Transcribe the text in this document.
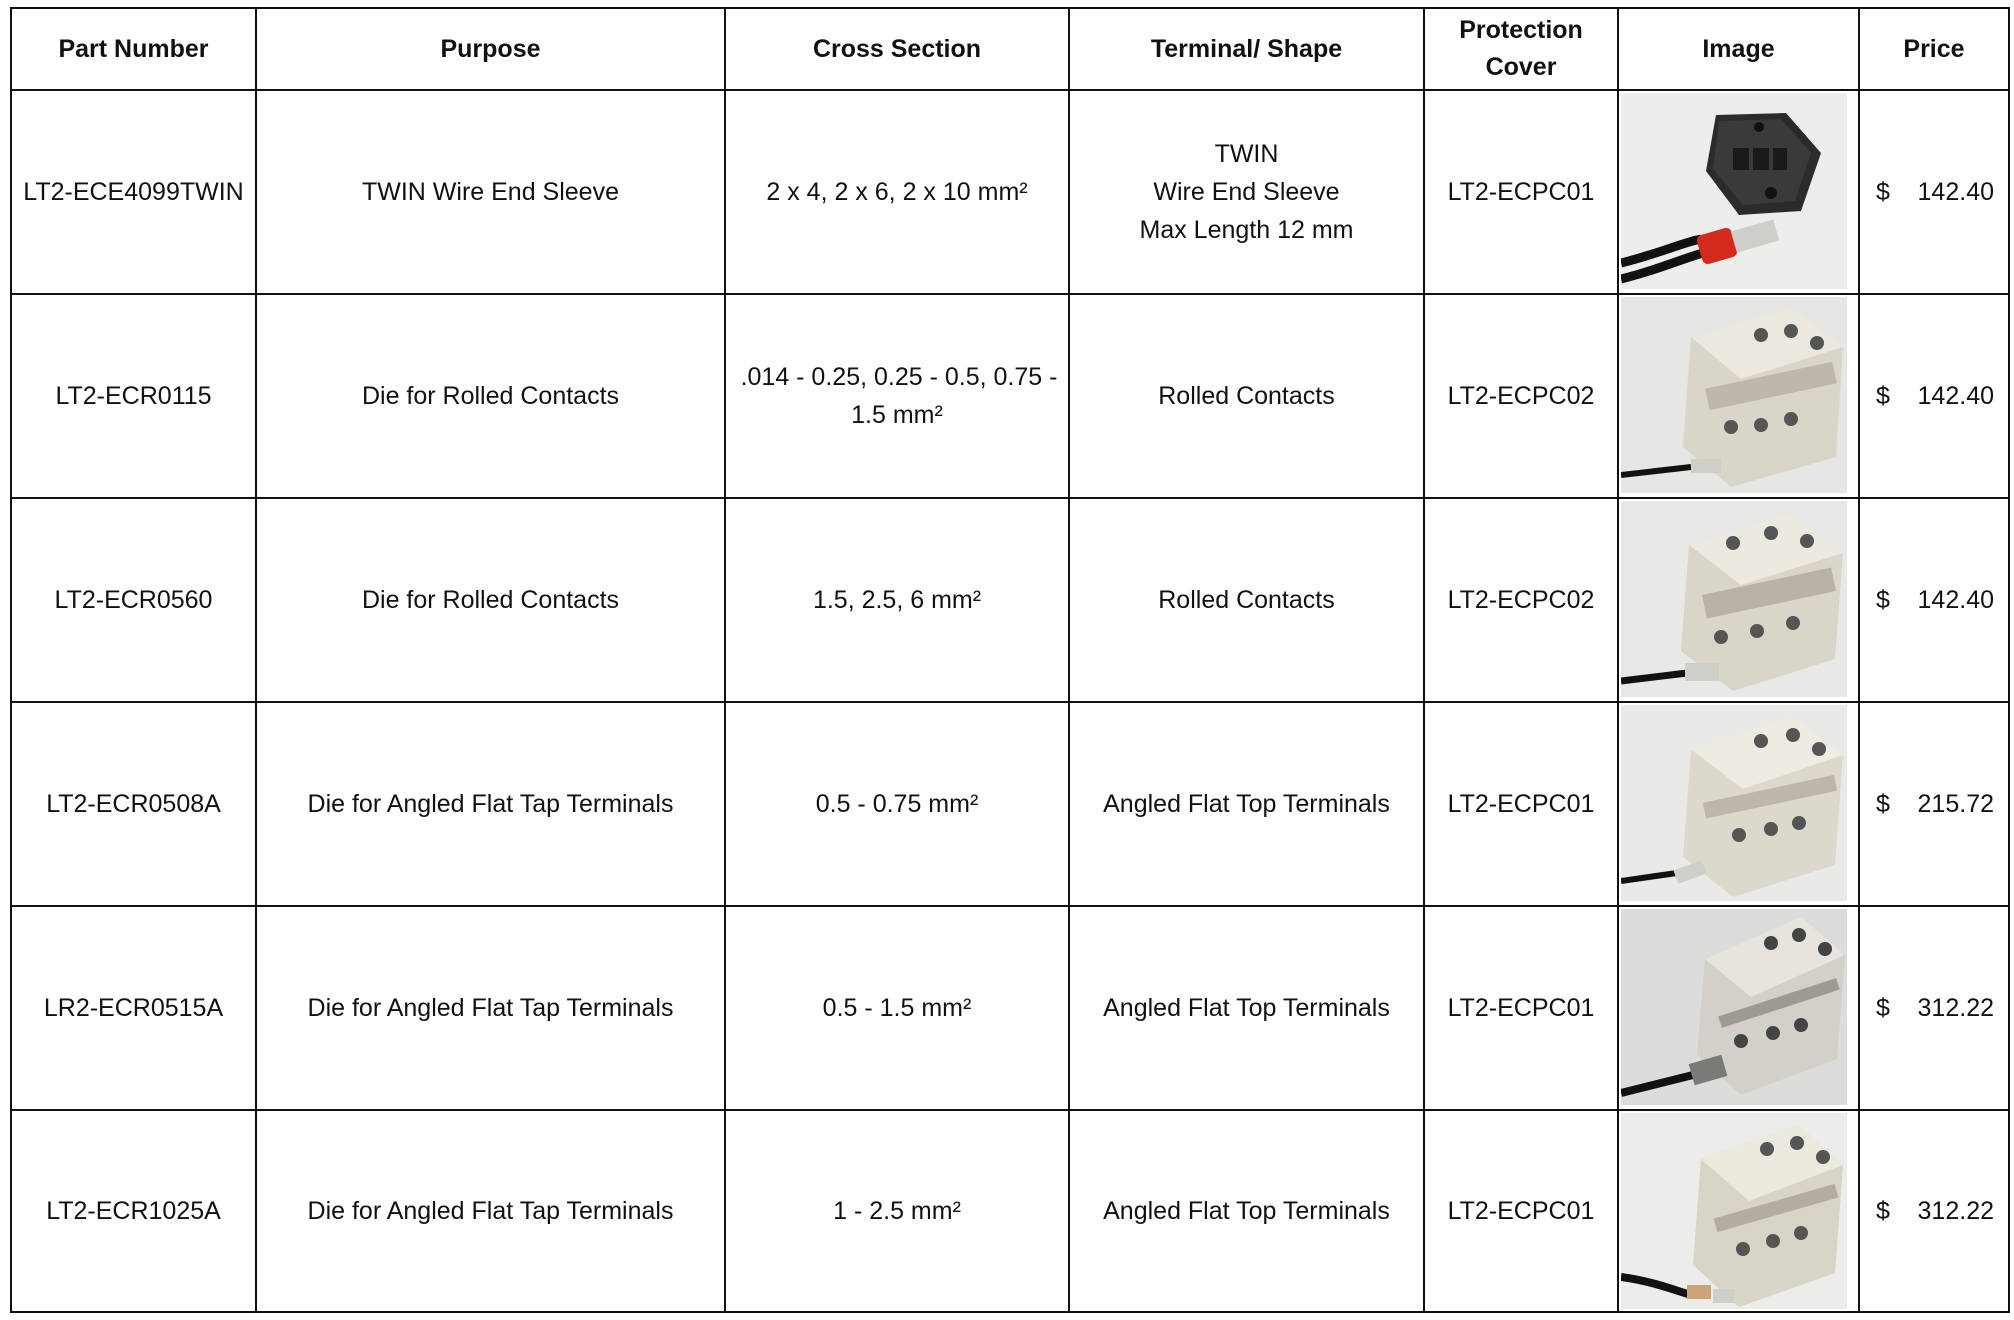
Part Number	Purpose	Cross Section	Terminal/ Shape	Protection Cover	Image	Price
LT2-ECE4099TWIN	TWIN Wire End Sleeve	2 x 4, 2 x 6, 2 x 10 mm²	TWIN
Wire End Sleeve
Max Length 12 mm	LT2-ECPC01		$ 142.40

LT2-ECR0115	Die for Rolled Contacts	.014 - 0.25, 0.25 - 0.5, 0.75 -
1.5 mm²	Rolled Contacts	LT2-ECPC02		$ 142.40

LT2-ECR0560	Die for Rolled Contacts	1.5, 2.5, 6 mm²	Rolled Contacts	LT2-ECPC02		$ 142.40

LT2-ECR0508A	Die for Angled Flat Tap Terminals	0.5 - 0.75 mm²	Angled Flat Top Terminals	LT2-ECPC01		$ 215.72

LR2-ECR0515A	Die for Angled Flat Tap Terminals	0.5 - 1.5 mm²	Angled Flat Top Terminals	LT2-ECPC01		$ 312.22

LT2-ECR1025A	Die for Angled Flat Tap Terminals	1 - 2.5 mm²	Angled Flat Top Terminals	LT2-ECPC01		$ 312.22
